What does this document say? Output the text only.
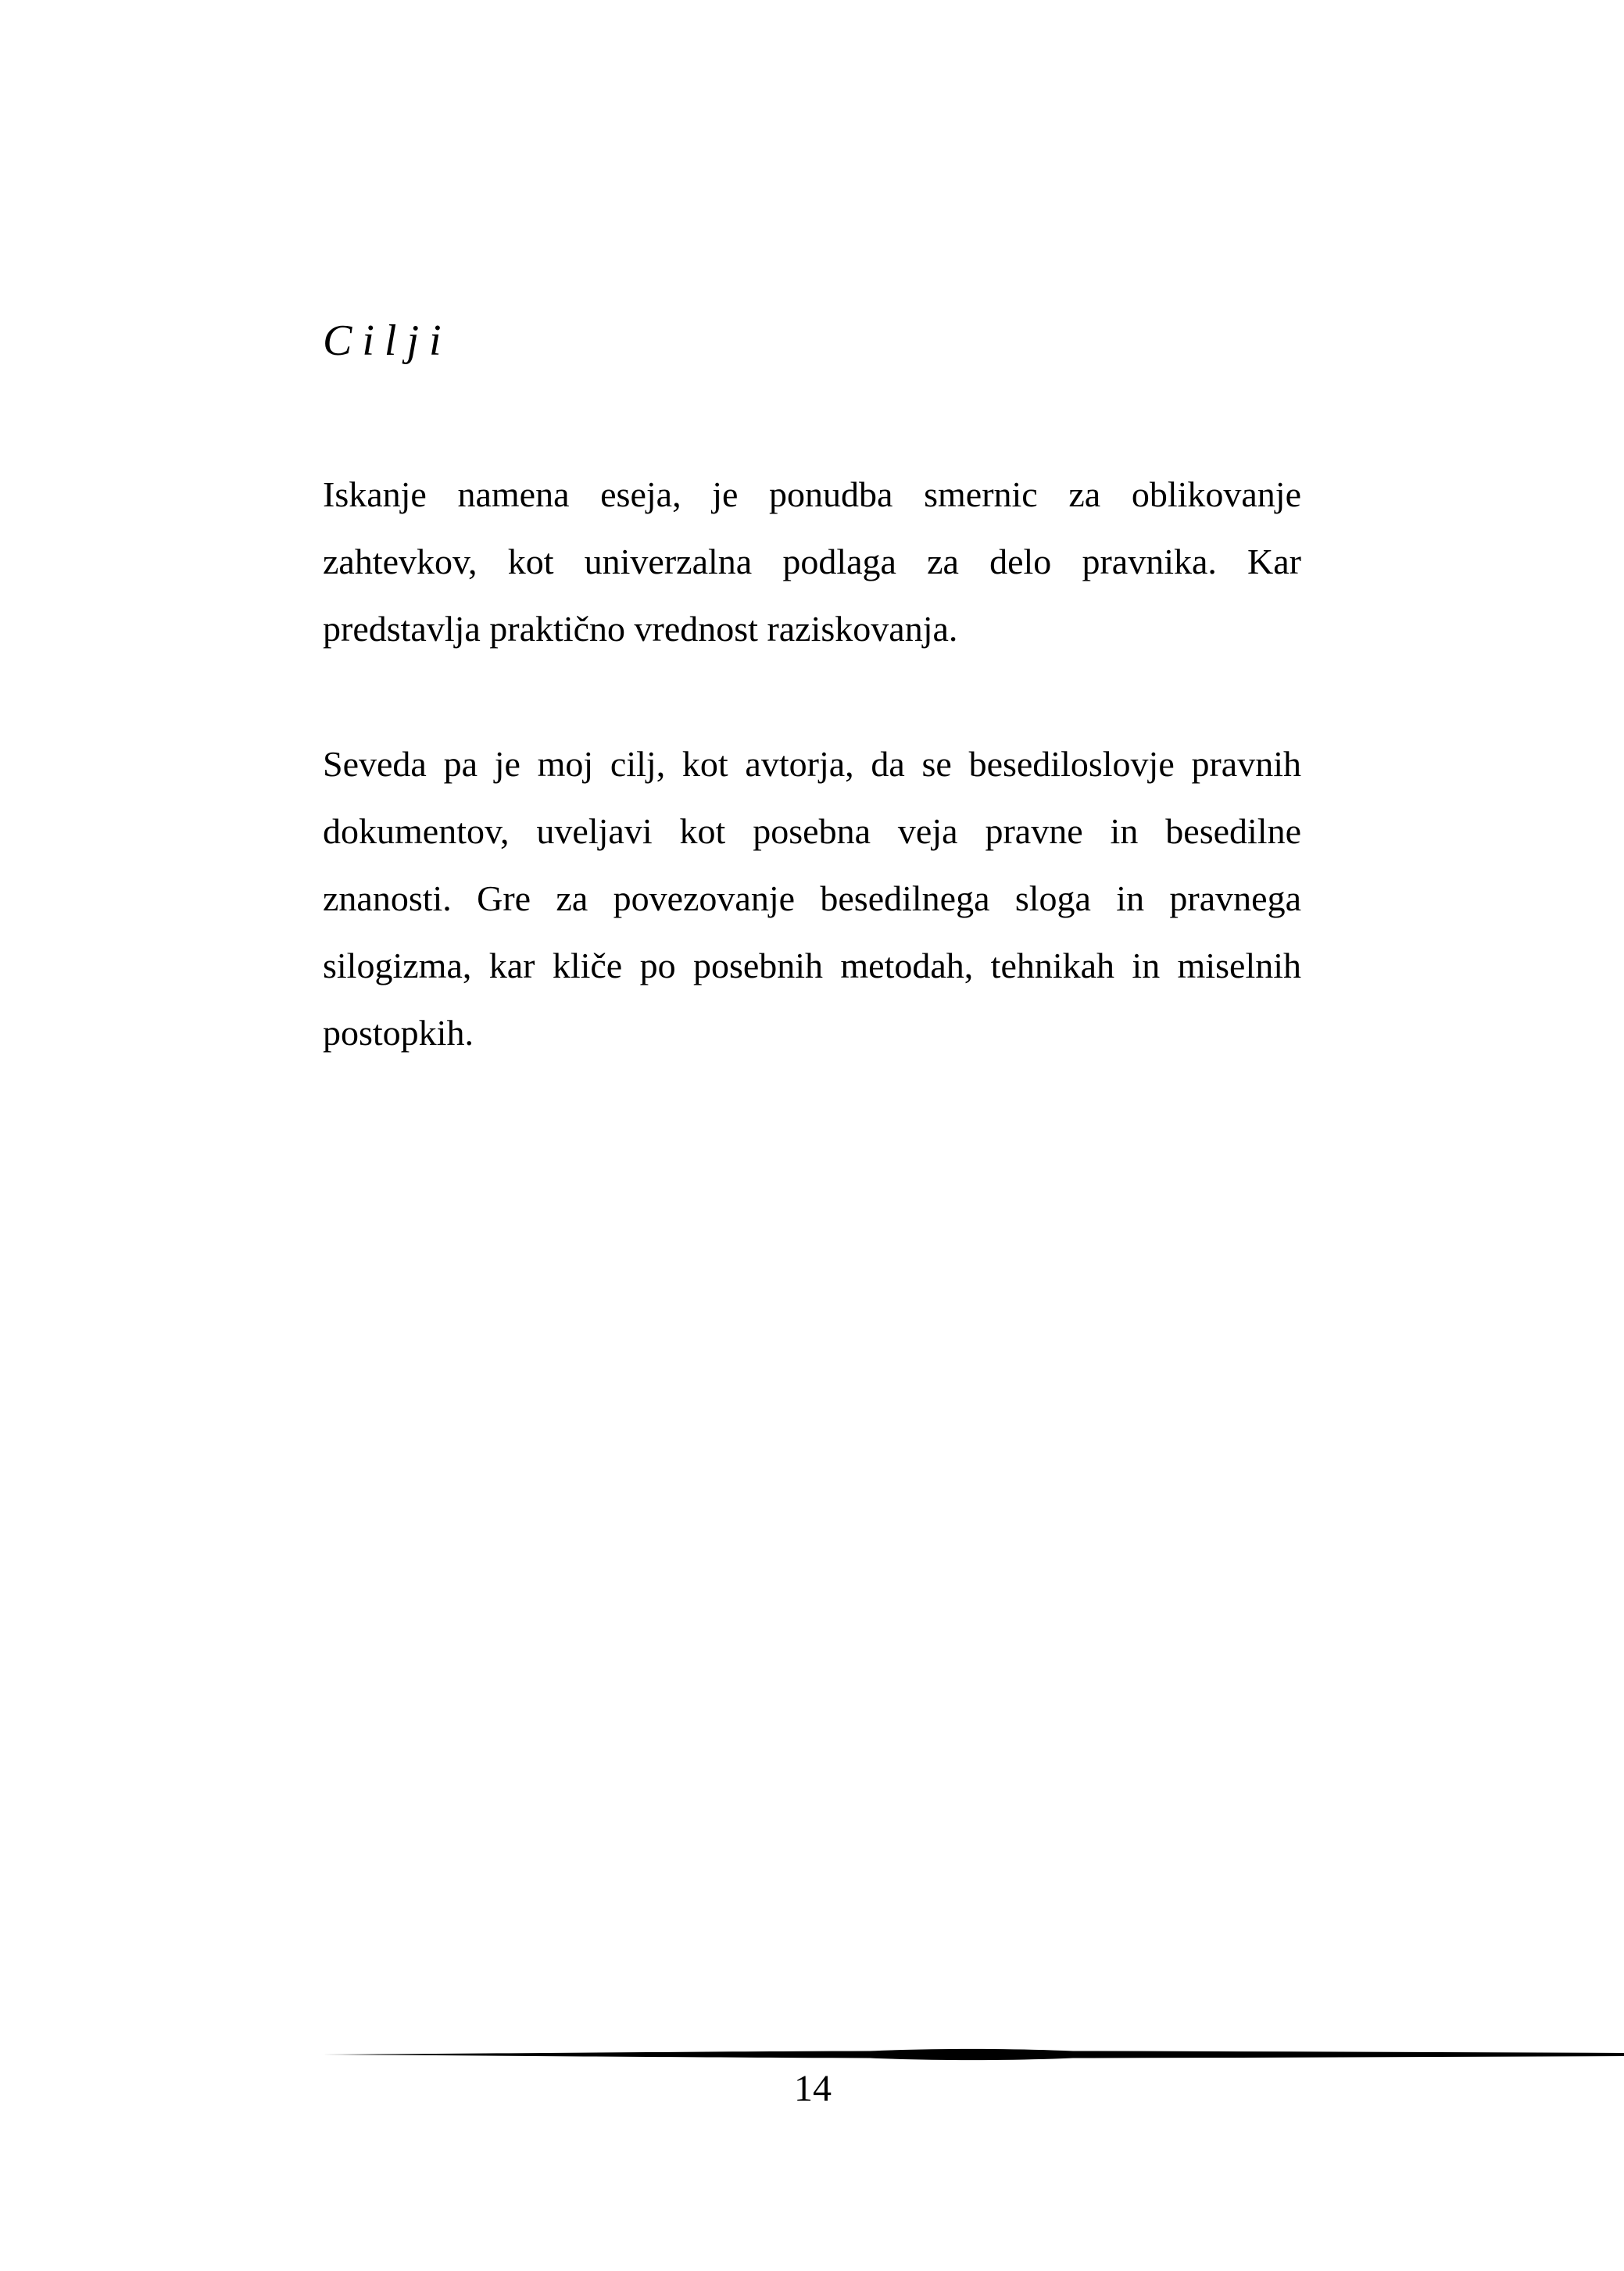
Cilji

Iskanje namena eseja, je ponudba smernic za oblikovanje
zahtevkov, kot univerzalna podlaga za delo pravnika. Kar
predstavlja praktično vrednost raziskovanja.

Seveda pa je moj cilj, kot avtorja, da se besediloslovje pravnih
dokumentov, uveljavi kot posebna veja pravne in besedilne
znanosti. Gre za povezovanje besedilnega sloga in pravnega
silogizma, kar kliče po posebnih metodah, tehnikah in miselnih
postopkih.

14
